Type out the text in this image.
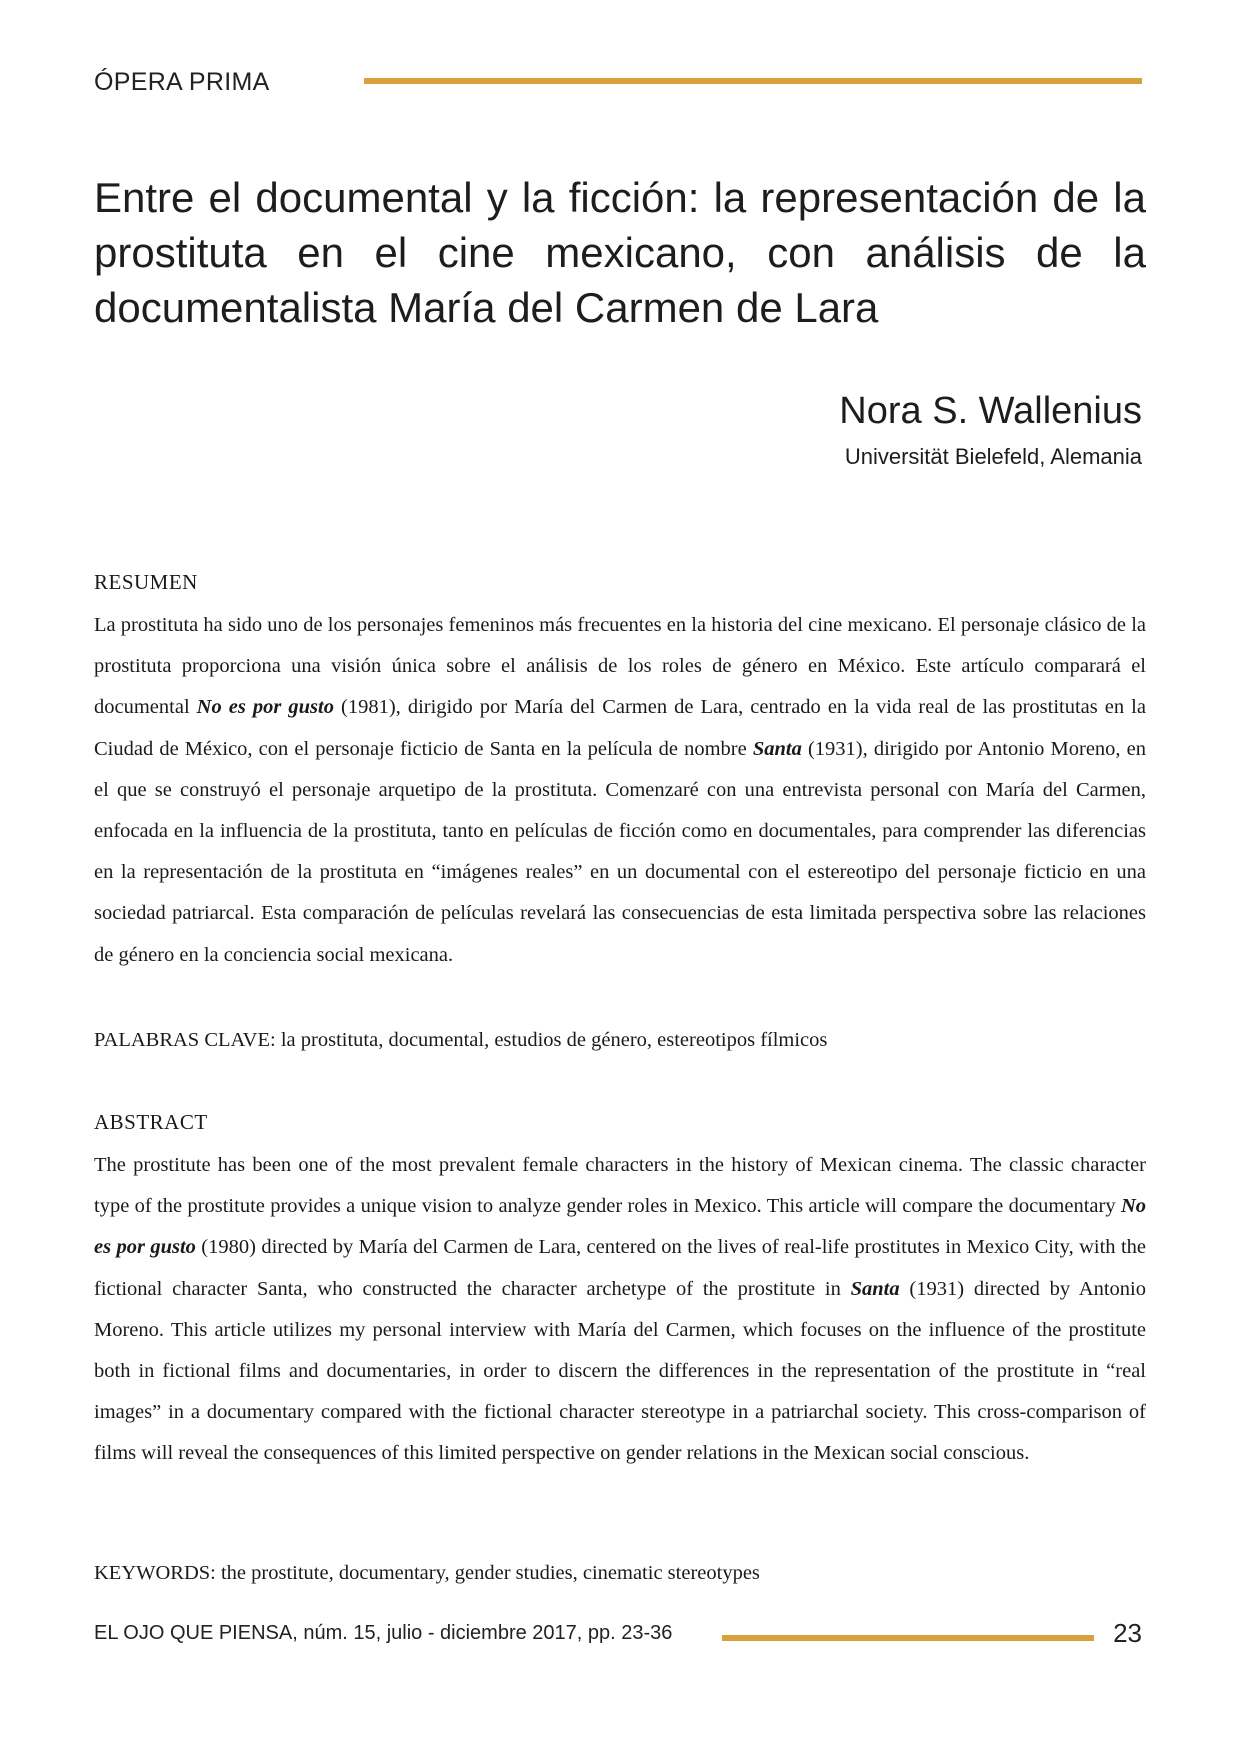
ÓPERA PRIMA
Entre el documental y la ficción: la representación de la prostituta en el cine mexicano, con análisis de la documentalista María del Carmen de Lara
Nora S. Wallenius
Universität Bielefeld, Alemania

RESUMEN

La prostituta ha sido uno de los personajes femeninos más frecuentes en la historia del cine mexicano. El personaje clásico de la prostituta proporciona una visión única sobre el análisis de los roles de género en México. Este artículo comparará el documental No es por gusto (1981), dirigido por María del Carmen de Lara, centrado en la vida real de las prostitutas en la Ciudad de México, con el personaje ficticio de Santa en la película de nombre Santa (1931), dirigido por Antonio Moreno, en el que se construyó el personaje arquetipo de la prostituta. Comenzaré con una entrevista personal con María del Carmen, enfocada en la influencia de la prostituta, tanto en películas de ficción como en documentales, para comprender las diferencias en la representación de la prostituta en “imágenes reales” en un documental con el estereotipo del personaje ficticio en una sociedad patriarcal. Esta comparación de películas revelará las consecuencias de esta limitada perspectiva sobre las relaciones de género en la conciencia social mexicana.

PALABRAS CLAVE: la prostituta, documental, estudios de género, estereotipos fílmicos

ABSTRACT

The prostitute has been one of the most prevalent female characters in the history of Mexican cinema. The classic character type of the prostitute provides a unique vision to analyze gender roles in Mexico. This article will compare the documentary No es por gusto (1980) directed by María del Carmen de Lara, centered on the lives of real-life prostitutes in Mexico City, with the fictional character Santa, who constructed the character archetype of the prostitute in Santa (1931) directed by Antonio Moreno. This article utilizes my personal interview with María del Carmen, which focuses on the influence of the prostitute both in fictional films and documentaries, in order to discern the differences in the representation of the prostitute in “real images” in a documentary compared with the fictional character stereotype in a patriarchal society. This cross-comparison of films will reveal the consequences of this limited perspective on gender relations in the Mexican social conscious.

KEYWORDS: the prostitute, documentary, gender studies, cinematic stereotypes

EL OJO QUE PIENSA, núm. 15, julio - diciembre 2017, pp. 23-36	23
